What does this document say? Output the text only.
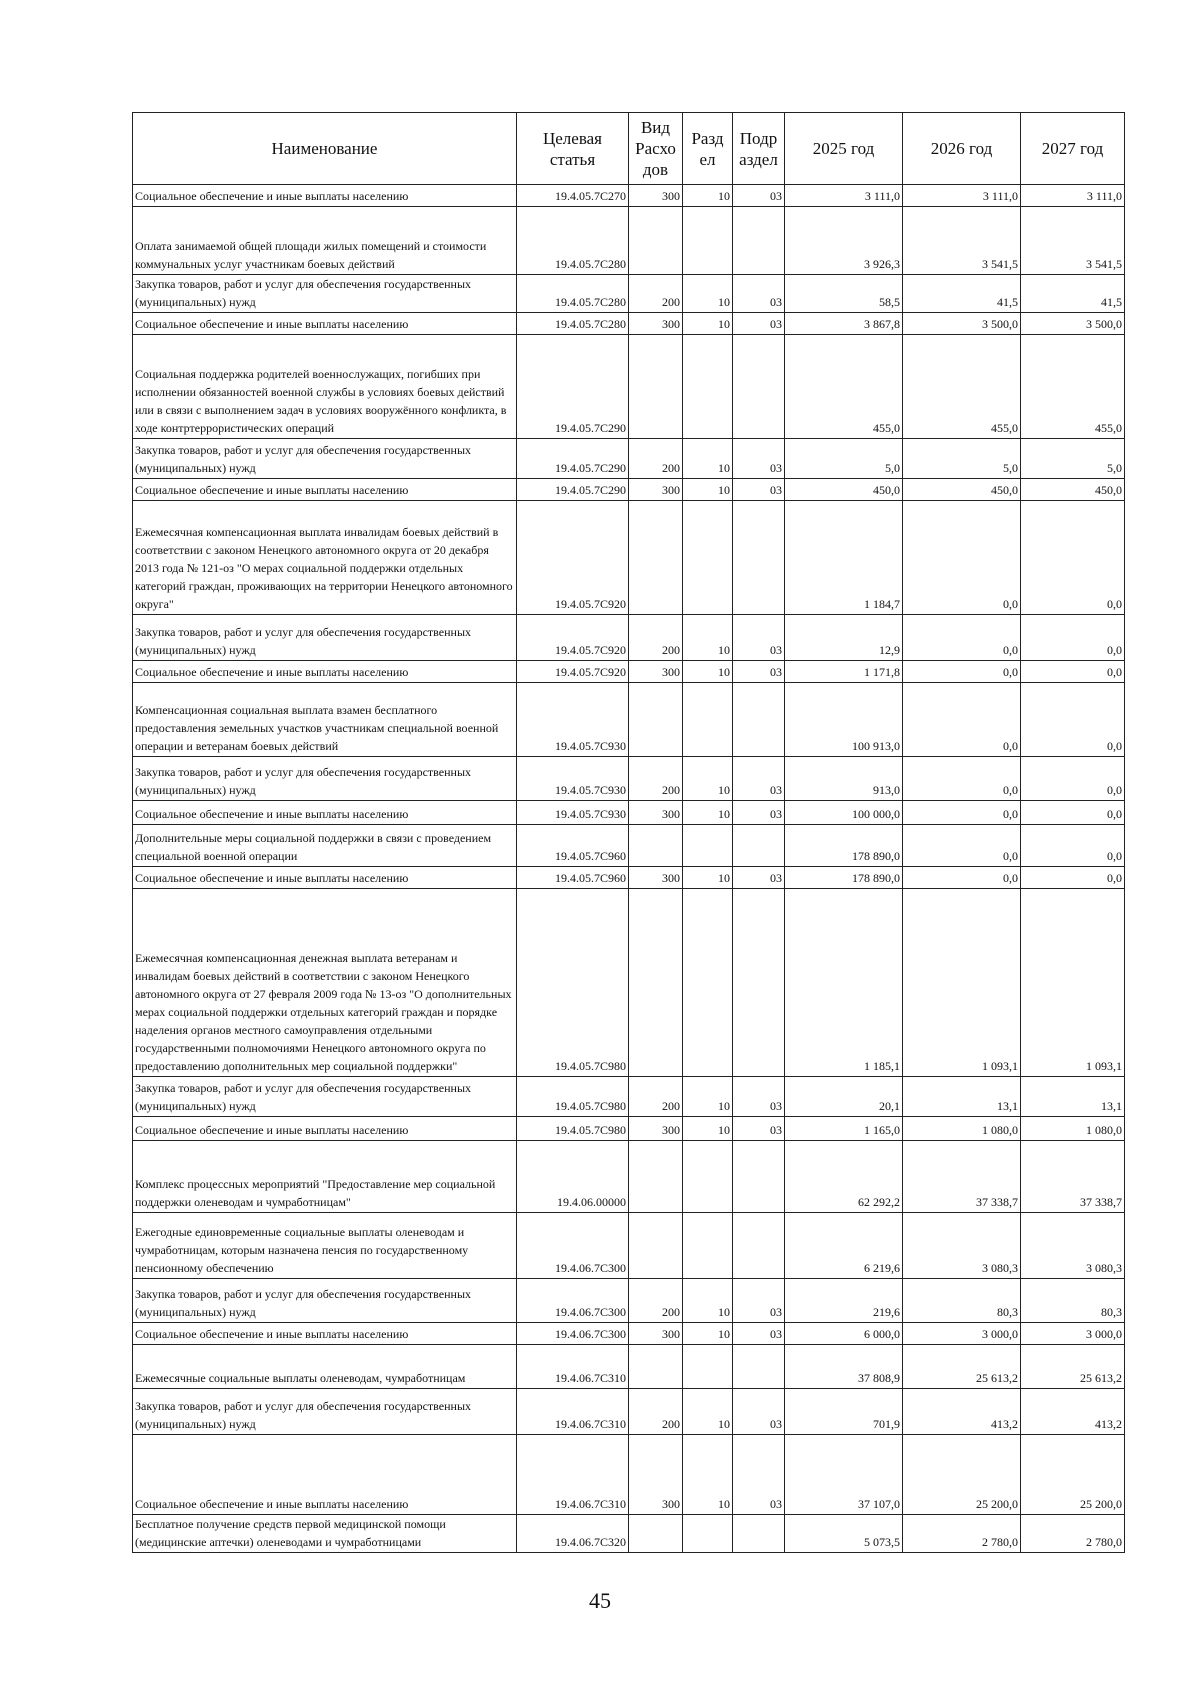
Наименование	Целевая статья	Вид Расхо дов	Разд ел	Подр аздел	2025 год	2026 год	2027 год
Социальное обеспечение и иные выплаты населению	19.4.05.7С270	300	10	03	3 111,0	3 111,0	3 111,0
Оплата занимаемой общей площади жилых помещений и стоимости коммунальных услуг участникам боевых действий	19.4.05.7С280				3 926,3	3 541,5	3 541,5
Закупка товаров, работ и услуг для обеспечения государственных (муниципальных) нужд	19.4.05.7С280	200	10	03	58,5	41,5	41,5
Социальное обеспечение и иные выплаты населению	19.4.05.7С280	300	10	03	3 867,8	3 500,0	3 500,0
Социальная поддержка родителей военнослужащих, погибших при исполнении обязанностей военной службы в условиях боевых действий или в связи с выполнением задач в условиях вооружённого конфликта, в ходе контртеррористических операций	19.4.05.7С290				455,0	455,0	455,0
Закупка товаров, работ и услуг для обеспечения государственных (муниципальных) нужд	19.4.05.7С290	200	10	03	5,0	5,0	5,0
Социальное обеспечение и иные выплаты населению	19.4.05.7С290	300	10	03	450,0	450,0	450,0
Ежемесячная компенсационная выплата инвалидам боевых действий в соответствии с законом Ненецкого автономного округа от 20 декабря 2013 года № 121-оз "О мерах социальной поддержки отдельных категорий граждан, проживающих на территории Ненецкого автономного округа"	19.4.05.7С920				1 184,7	0,0	0,0
Закупка товаров, работ и услуг для обеспечения государственных (муниципальных) нужд	19.4.05.7С920	200	10	03	12,9	0,0	0,0
Социальное обеспечение и иные выплаты населению	19.4.05.7С920	300	10	03	1 171,8	0,0	0,0
Компенсационная социальная выплата взамен бесплатного предоставления земельных участков участникам специальной военной операции и ветеранам боевых действий	19.4.05.7С930				100 913,0	0,0	0,0
Закупка товаров, работ и услуг для обеспечения государственных (муниципальных) нужд	19.4.05.7С930	200	10	03	913,0	0,0	0,0
Социальное обеспечение и иные выплаты населению	19.4.05.7С930	300	10	03	100 000,0	0,0	0,0
Дополнительные меры социальной поддержки в связи с проведением специальной военной операции	19.4.05.7С960				178 890,0	0,0	0,0
Социальное обеспечение и иные выплаты населению	19.4.05.7С960	300	10	03	178 890,0	0,0	0,0
Ежемесячная компенсационная денежная выплата ветеранам и инвалидам боевых действий в соответствии с законом Ненецкого автономного округа от 27 февраля 2009 года № 13-оз "О дополнительных мерах социальной поддержки отдельных категорий граждан и порядке наделения органов местного самоуправления отдельными государственными полномочиями Ненецкого автономного округа по предоставлению дополнительных мер социальной поддержки"	19.4.05.7С980				1 185,1	1 093,1	1 093,1
Закупка товаров, работ и услуг для обеспечения государственных (муниципальных) нужд	19.4.05.7С980	200	10	03	20,1	13,1	13,1
Социальное обеспечение и иные выплаты населению	19.4.05.7С980	300	10	03	1 165,0	1 080,0	1 080,0
Комплекс процессных мероприятий "Предоставление мер социальной поддержки оленеводам и чумработницам"	19.4.06.00000				62 292,2	37 338,7	37 338,7
Ежегодные единовременные социальные выплаты оленеводам и чумработницам, которым назначена пенсия по государственному пенсионному обеспечению	19.4.06.7С300				6 219,6	3 080,3	3 080,3
Закупка товаров, работ и услуг для обеспечения государственных (муниципальных) нужд	19.4.06.7С300	200	10	03	219,6	80,3	80,3
Социальное обеспечение и иные выплаты населению	19.4.06.7С300	300	10	03	6 000,0	3 000,0	3 000,0
Ежемесячные социальные выплаты оленеводам, чумработницам	19.4.06.7С310				37 808,9	25 613,2	25 613,2
Закупка товаров, работ и услуг для обеспечения государственных (муниципальных) нужд	19.4.06.7С310	200	10	03	701,9	413,2	413,2
Социальное обеспечение и иные выплаты населению	19.4.06.7С310	300	10	03	37 107,0	25 200,0	25 200,0
Бесплатное получение средств первой медицинской помощи (медицинские аптечки) оленеводами и чумработницами	19.4.06.7С320				5 073,5	2 780,0	2 780,0
45
